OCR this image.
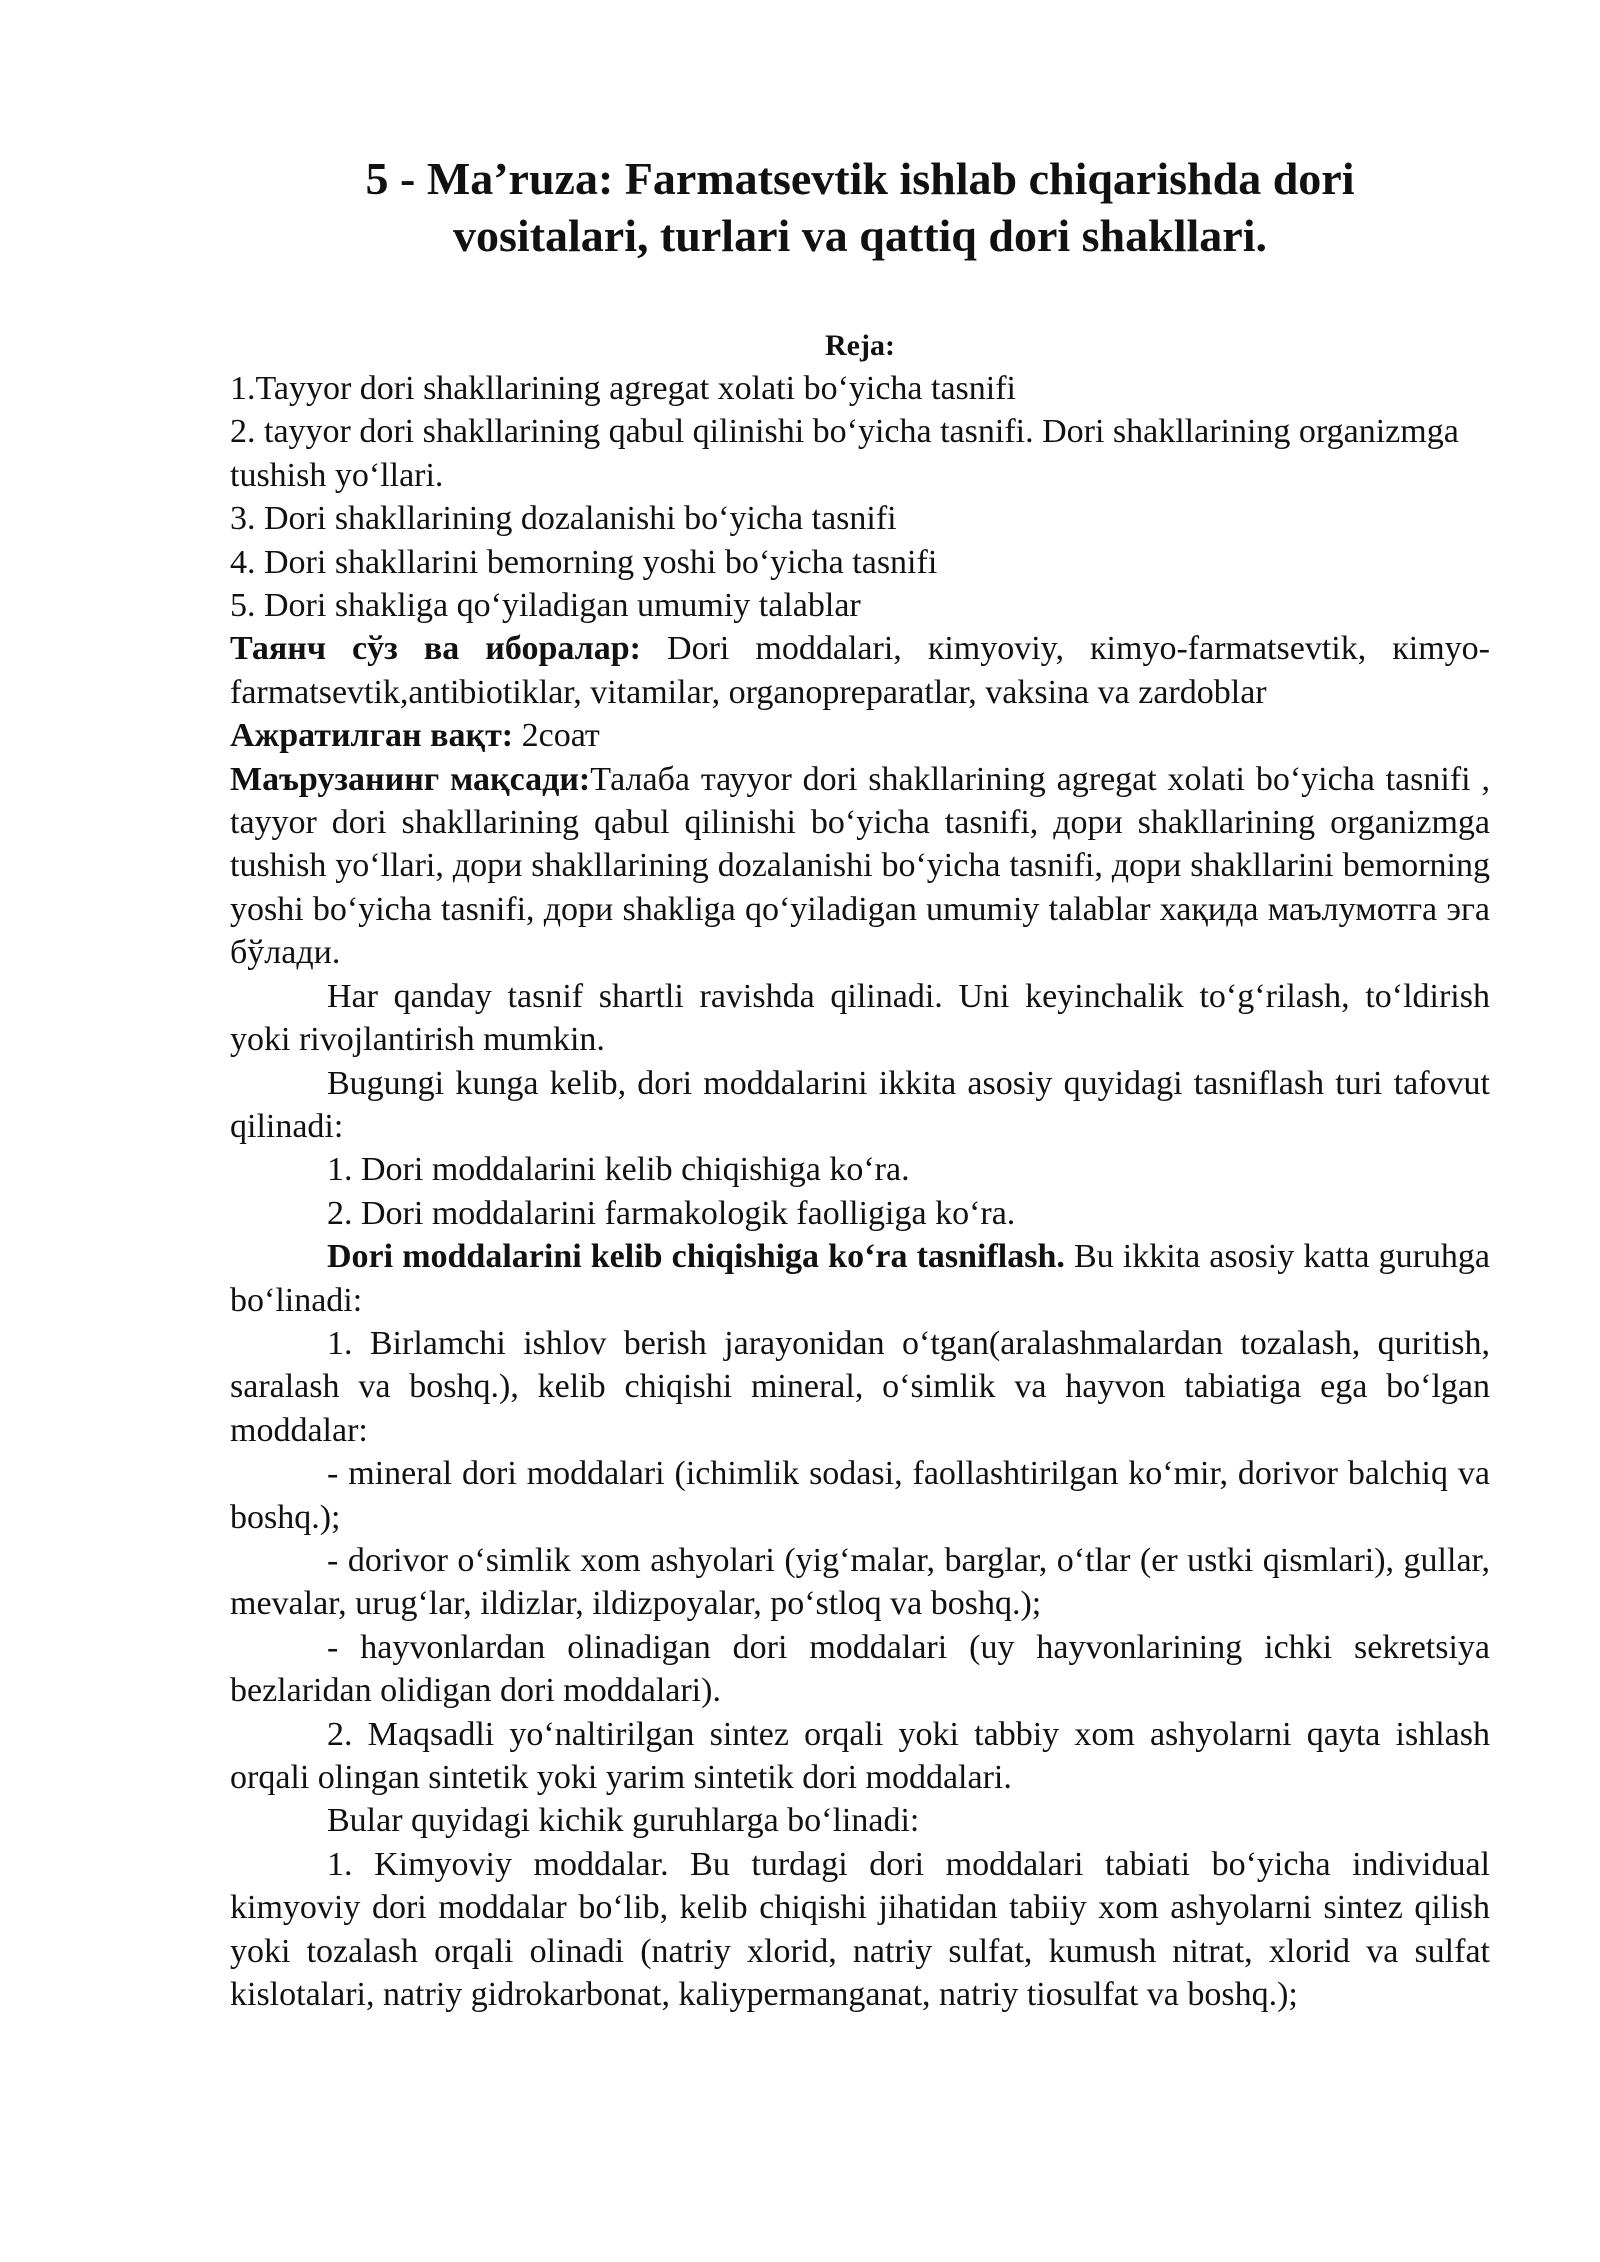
5 - Ma’ruza: Farmatsevtik ishlab chiqarishda dori
vositalari, turlari va qattiq dori shakllari.

Reja:

1.Tayyor dori shakllarining agregat xolati bo‘yicha tasnifi

2. tayyor dori shakllarining qabul qilinishi bo‘yicha tasnifi. Dori shakllarining organizmga tushish yo‘llari.

3. Dori shakllarining dozalanishi bo‘yicha tasnifi

4. Dori shakllarini bemorning yoshi bo‘yicha tasnifi

5. Dori shakliga qo‘yiladigan umumiy talablar

Таянч сўз ва иборалар: Dori moddalari, кimyoviy, кimyo-farmatsevtik, кimyo-farmatsevtik,antibiotiklar, vitamilar, organopreparatlar, vaksina va zardoblar

Ажратилган вақт: 2соат

Маърузанинг мақсади:Талаба тауyor dori shakllarining agregat xolati bo‘yicha tasnifi , tayyor dori shakllarining qabul qilinishi bo‘yicha tasnifi, дори shakllarining organizmga tushish yo‘llari, дори shakllarining dozalanishi bo‘yicha tasnifi, дори shakllarini bemorning yoshi bo‘yicha tasnifi, дори shakliga qo‘yiladigan umumiy talablar хақида маълумотга эга бўлади.

Har qanday tasnif shartli ravishda qilinadi. Uni keyinchalik to‘g‘rilash, to‘ldirish yoki rivojlantirish mumkin.

Bugungi kunga kelib, dori moddalarini ikkita asosiy quyidagi tasniflash turi tafovut qilinadi:

1. Dori moddalarini kelib chiqishiga ko‘ra.

2. Dori moddalarini farmakologik faolligiga ko‘ra.

Dori moddalarini kelib chiqishiga ko‘ra tasniflash. Bu ikkita asosiy katta guruhga bo‘linadi:

1. Birlamchi ishlov berish jarayonidan o‘tgan(aralashmalardan tozalash, quritish, saralash va boshq.), kelib chiqishi mineral, o‘simlik va hayvon tabiatiga ega bo‘lgan moddalar:

- mineral dori moddalari (ichimlik sodasi, faollashtirilgan ko‘mir, dorivor balchiq va boshq.);

- dorivor o‘simlik xom ashyolari (yig‘malar, barglar, o‘tlar (er ustki qismlari), gullar, mevalar, urug‘lar, ildizlar, ildizpoyalar, po‘stloq va boshq.);

- hayvonlardan olinadigan dori moddalari (uy hayvonlarining ichki sekretsiya bezlaridan olidigan dori moddalari).

2. Maqsadli yo‘naltirilgan sintez orqali yoki tabbiy xom ashyolarni qayta ishlash orqali olingan sintetik yoki yarim sintetik dori moddalari.

Bular quyidagi kichik guruhlarga bo‘linadi:

1. Kimyoviy moddalar. Bu turdagi dori moddalari tabiati bo‘yicha individual kimyoviy dori moddalar bo‘lib, kelib chiqishi jihatidan tabiiy xom ashyolarni sintez qilish yoki tozalash orqali olinadi (natriy xlorid, natriy sulfat, kumush nitrat, xlorid va sulfat kislotalari, natriy gidrokarbonat, kaliypermanganat, natriy tiosulfat va boshq.);
